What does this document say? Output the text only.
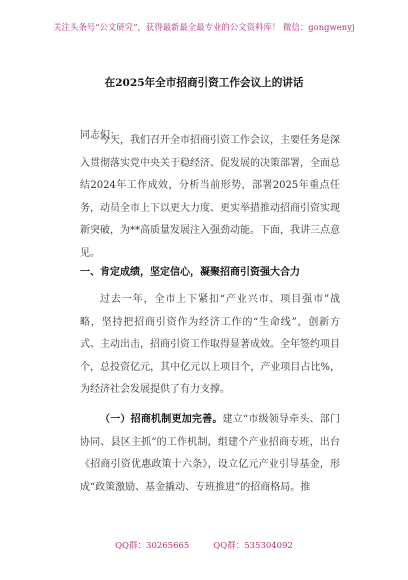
关注头条号“公文研究”，获得最新最全最专业的公文资料库！ 微信：gongwenyj
在2025年全市招商引资工作会议上的讲话
同志们：

今天，我们召开全市招商引资工作会议，主要任务是深入贯彻落实党中央关于稳经济、促发展的决策部署，全面总结2024年工作成效，分析当前形势，部署2025年重点任务，动员全市上下以更大力度、更实举措推动招商引资实现新突破，为**高质量发展注入强劲动能。下面，我讲三点意见。

一、肯定成绩，坚定信心，凝聚招商引资强大合力

过去一年，全市上下紧扣“产业兴市、项目强市”战略，坚持把招商引资作为经济工作的“生命线”，创新方式、主动出击，招商引资工作取得显著成效。全年签约项目个，总投资亿元，其中亿元以上项目个，产业项目占比%，为经济社会发展提供了有力支撑。

（一）招商机制更加完善。建立“市级领导牵头、部门协同、县区主抓”的工作机制，组建个产业招商专班，出台《招商引资优惠政策十六条》，设立亿元产业引导基金，形成“政策激励、基金撬动、专班推进”的招商格局。推

QQ群：30265665	QQ群：535304092
